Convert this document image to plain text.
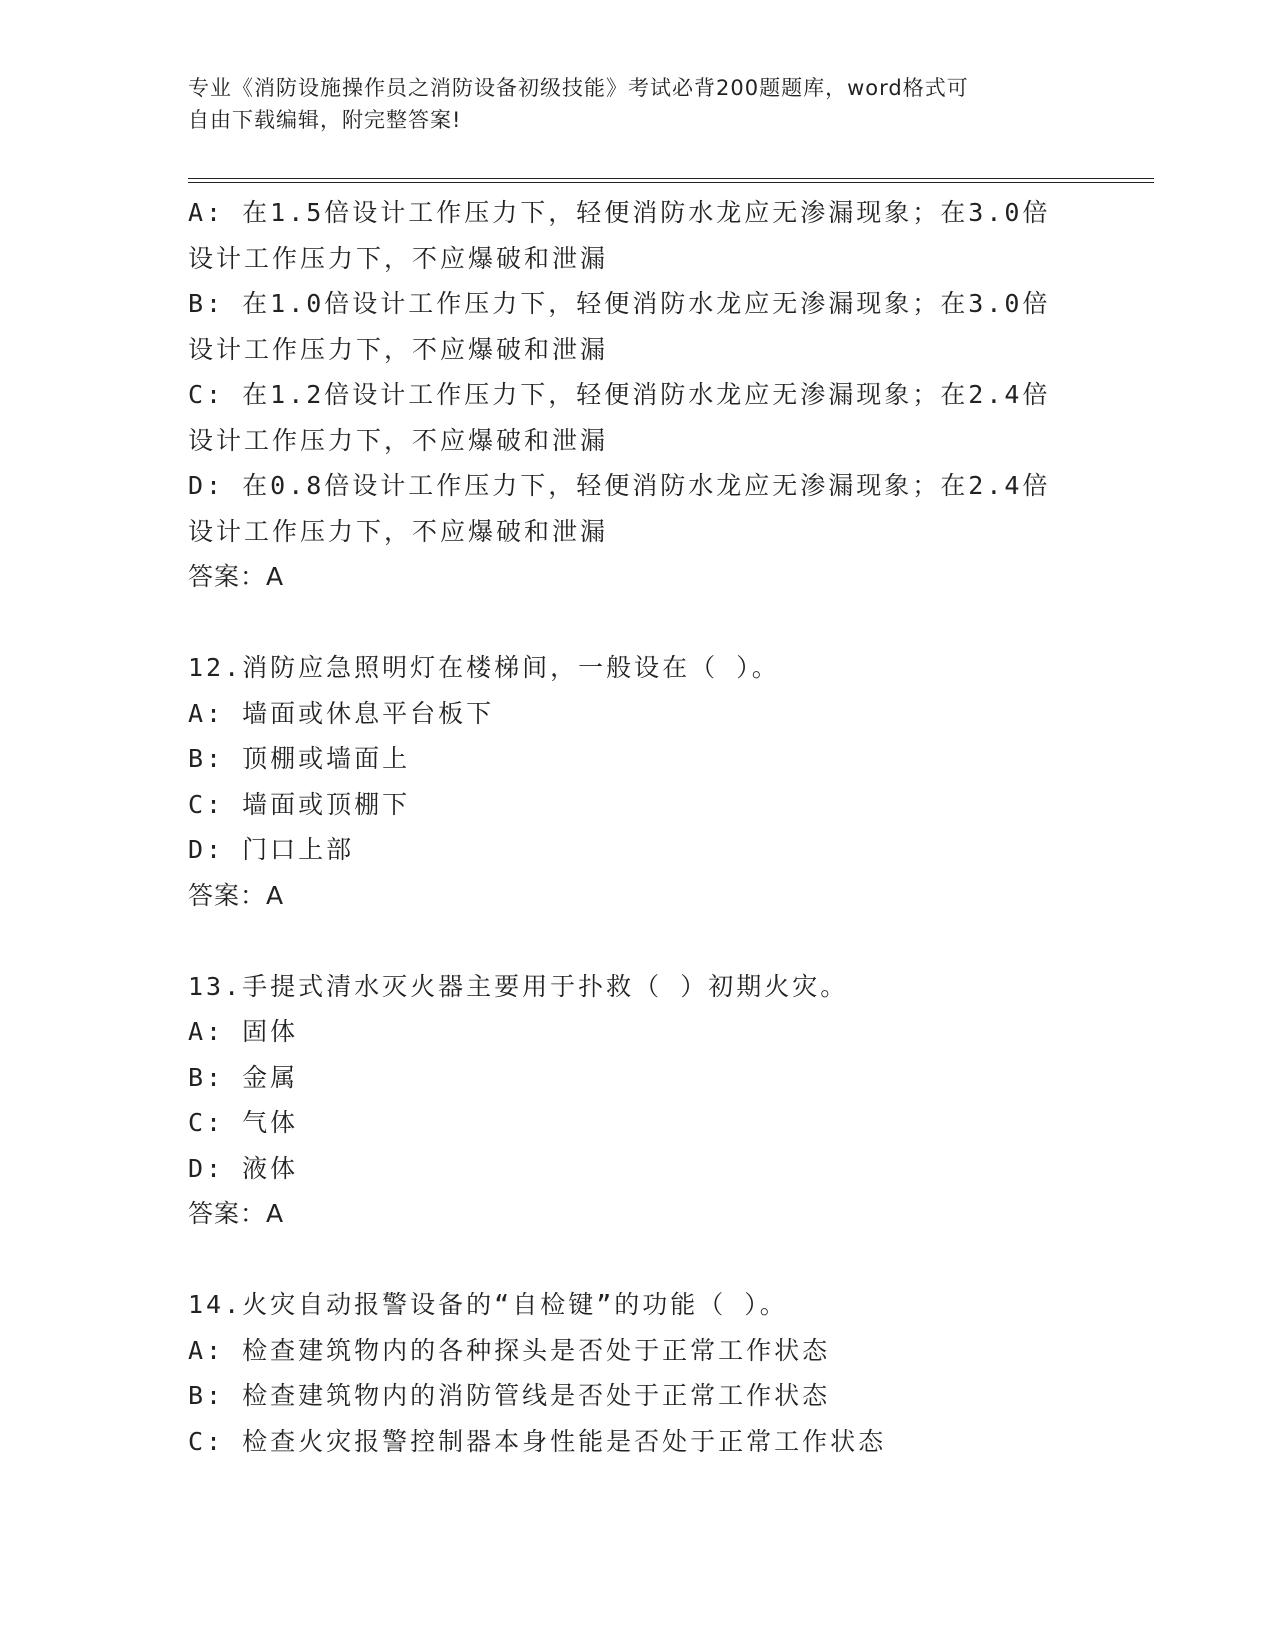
专业《消防设施操作员之消防设备初级技能》考试必背200题题库，word格式可
自由下载编辑，附完整答案!
A: 在1.5倍设计工作压力下，轻便消防水龙应无渗漏现象；在3.0倍
设计工作压力下，不应爆破和泄漏
B: 在1.0倍设计工作压力下，轻便消防水龙应无渗漏现象；在3.0倍
设计工作压力下，不应爆破和泄漏
C: 在1.2倍设计工作压力下，轻便消防水龙应无渗漏现象；在2.4倍
设计工作压力下，不应爆破和泄漏
D: 在0.8倍设计工作压力下，轻便消防水龙应无渗漏现象；在2.4倍
设计工作压力下，不应爆破和泄漏
答案：A
12.消防应急照明灯在楼梯间，一般设在（ ）。
A: 墙面或休息平台板下
B: 顶棚或墙面上
C: 墙面或顶棚下
D: 门口上部
答案：A
13.手提式清水灭火器主要用于扑救（ ）初期火灾。
A: 固体
B: 金属
C: 气体
D: 液体
答案：A
14.火灾自动报警设备的“自检键”的功能（ ）。
A: 检查建筑物内的各种探头是否处于正常工作状态
B: 检查建筑物内的消防管线是否处于正常工作状态
C: 检查火灾报警控制器本身性能是否处于正常工作状态
